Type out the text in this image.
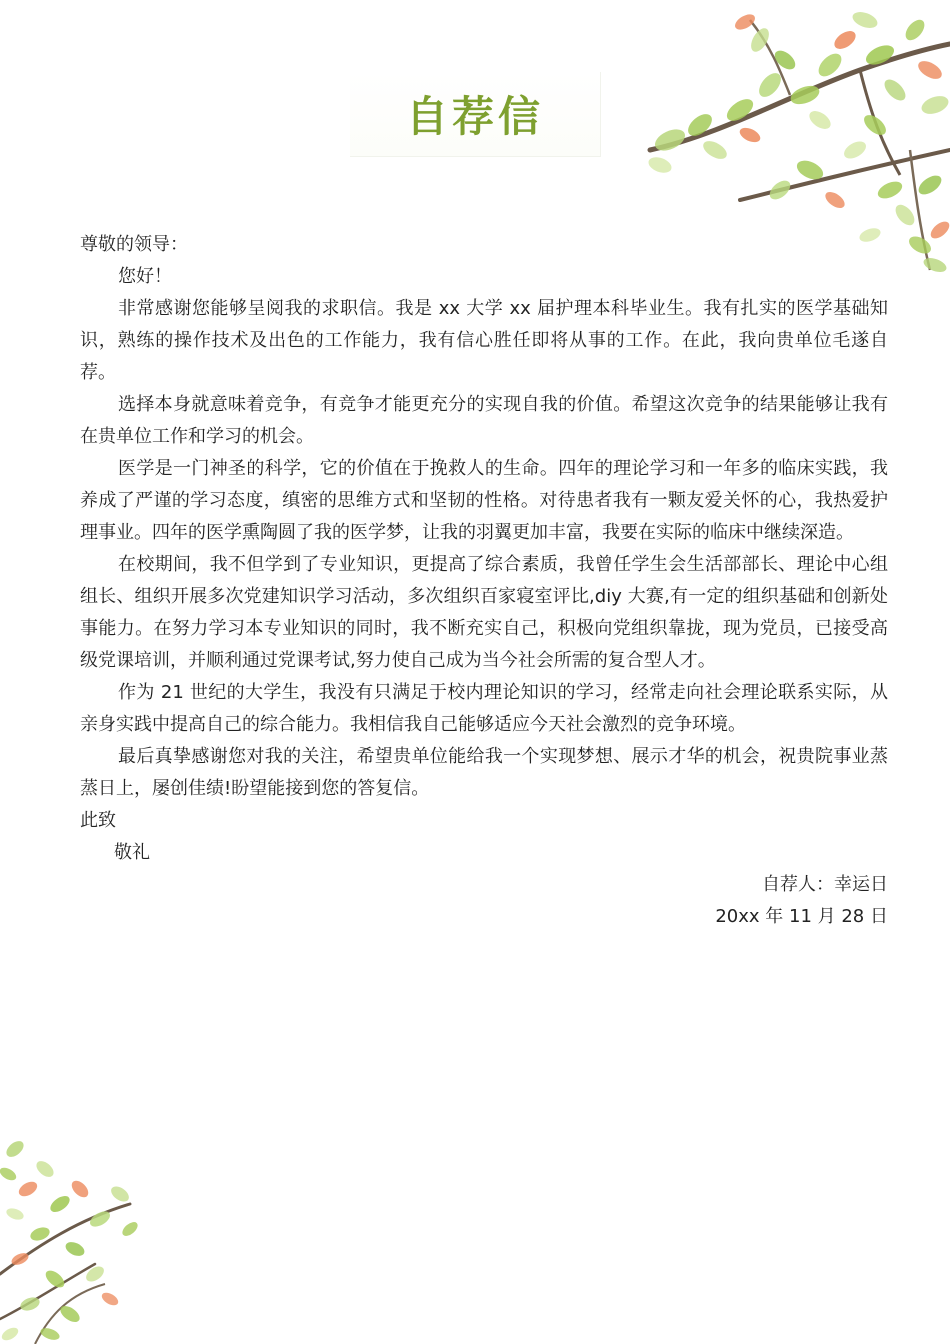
自荐信

尊敬的领导：

您好！

非常感谢您能够呈阅我的求职信。我是 xx 大学 xx 届护理本科毕业生。我有扎实的医学基础知识，熟练的操作技术及出色的工作能力，我有信心胜任即将从事的工作。在此，我向贵单位毛遂自荐。

选择本身就意味着竞争，有竞争才能更充分的实现自我的价值。希望这次竞争的结果能够让我有在贵单位工作和学习的机会。

医学是一门神圣的科学，它的价值在于挽救人的生命。四年的理论学习和一年多的临床实践，我养成了严谨的学习态度，缜密的思维方式和坚韧的性格。对待患者我有一颗友爱关怀的心，我热爱护理事业。四年的医学熏陶圆了我的医学梦，让我的羽翼更加丰富，我要在实际的临床中继续深造。

在校期间，我不但学到了专业知识，更提高了综合素质，我曾任学生会生活部部长、理论中心组组长、组织开展多次党建知识学习活动，多次组织百家寝室评比,diy 大赛,有一定的组织基础和创新处事能力。在努力学习本专业知识的同时，我不断充实自己，积极向党组织靠拢，现为党员，已接受高级党课培训，并顺利通过党课考试,努力使自己成为当今社会所需的复合型人才。

作为 21 世纪的大学生，我没有只满足于校内理论知识的学习，经常走向社会理论联系实际，从亲身实践中提高自己的综合能力。我相信我自己能够适应今天社会激烈的竞争环境。

最后真挚感谢您对我的关注，希望贵单位能给我一个实现梦想、展示才华的机会，祝贵院事业蒸蒸日上，屡创佳绩!盼望能接到您的答复信。

此致

敬礼

自荐人：幸运日

20xx 年 11 月 28 日
